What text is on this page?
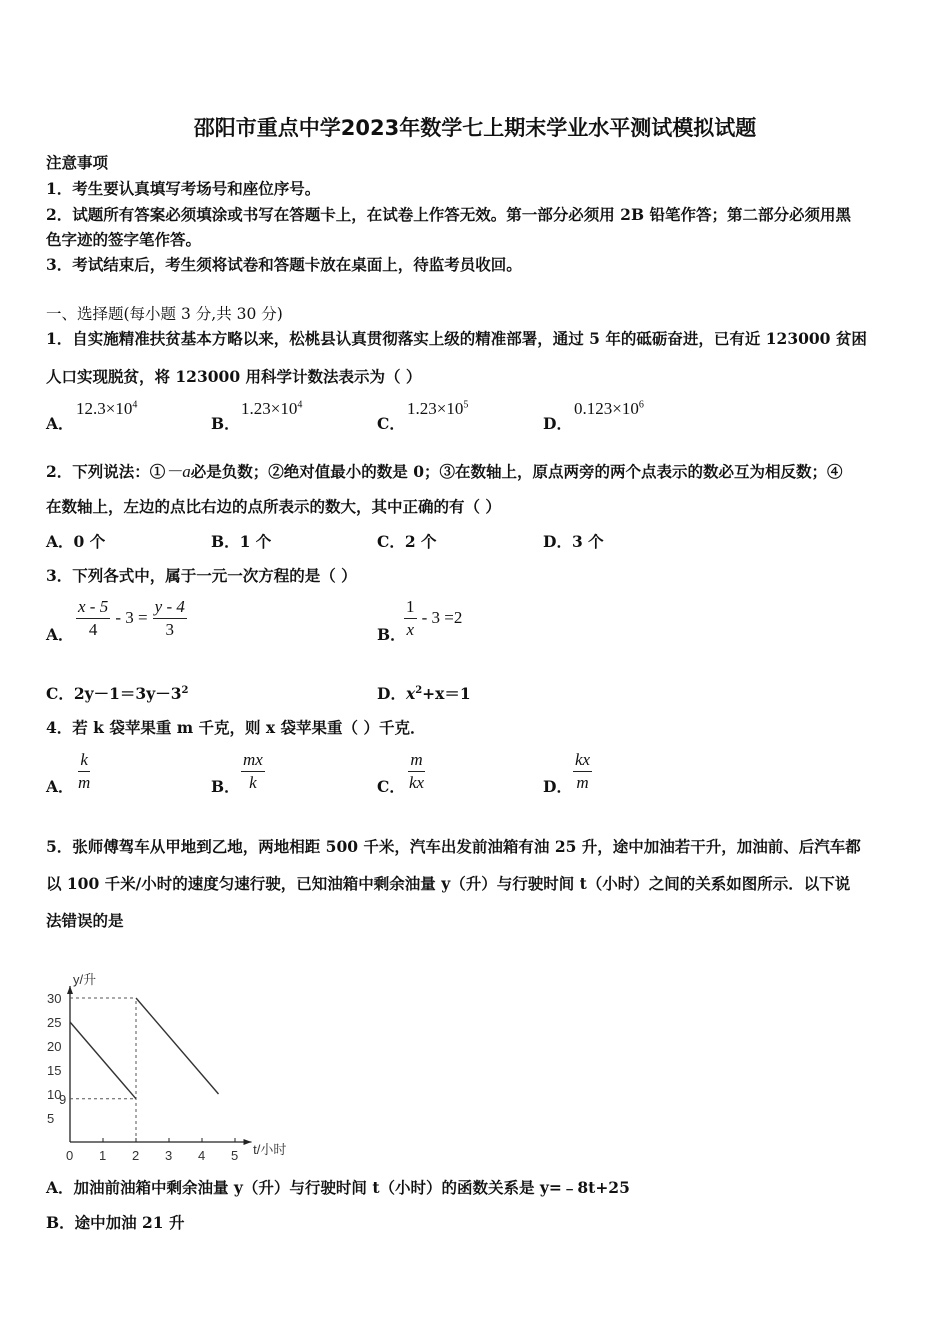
邵阳市重点中学2023年数学七上期末学业水平测试模拟试题
注意事项
1．考生要认真填写考场号和座位序号。
2．试题所有答案必须填涂或书写在答题卡上，在试卷上作答无效。第一部分必须用 2B 铅笔作答；第二部分必须用黑
色字迹的签字笔作答。
3．考试结束后，考生须将试卷和答题卡放在桌面上，待监考员收回。
一、选择题(每小题 3 分,共 30 分)
1．自实施精准扶贫基本方略以来，松桃县认真贯彻落实上级的精准部署，通过 5 年的砥砺奋进，已有近 123000 贫困
人口实现脱贫，将 123000 用科学计数法表示为（ ）
A．
$12.3\times 10^4$
B．
$1.23\times 10^4$
C．
$1.23\times 10^5$
D．
$0.123\times 10^6$
2．下列说法：①－a必是负数；②绝对值最小的数是 0；③在数轴上，原点两旁的两个点表示的数必互为相反数；④
在数轴上，左边的点比右边的点所表示的数大，其中正确的有（ ）
A．0 个	B．1 个	C．2 个	D．3 个
3．下列各式中，属于一元一次方程的是（ ）
A． $\frac{x - 5}{4} - 3 = \frac{y - 4}{3}$	B．
$\frac{1}{x} - 3 =2$
C．$2y-1=3y-3^2$	D．$x^2+x=1$
4．若 k 袋苹果重 m 千克，则 x 袋苹果重（ ）千克．
A． $\frac{k}{m}$	B． $\frac{mx}{k}$	C． $\frac{m}{kx}$	D． $\frac{kx}{m}$
5．张师傅驾车从甲地到乙地，两地相距 500 千米，汽车出发前油箱有油 25 升，途中加油若干升，加油前、后汽车都
以 100 千米/小时的速度匀速行驶，已知油箱中剩余油量 y（升）与行驶时间 t（小时）之间的关系如图所示．以下说
法错误的是
0 1 2 3 4 5
5
9
10
15
20
25
30
y/升
t/小时
A．加油前油箱中剩余油量 y（升）与行驶时间 t（小时）的函数关系是 y=﹣8t+25
B．途中加油 21 升
